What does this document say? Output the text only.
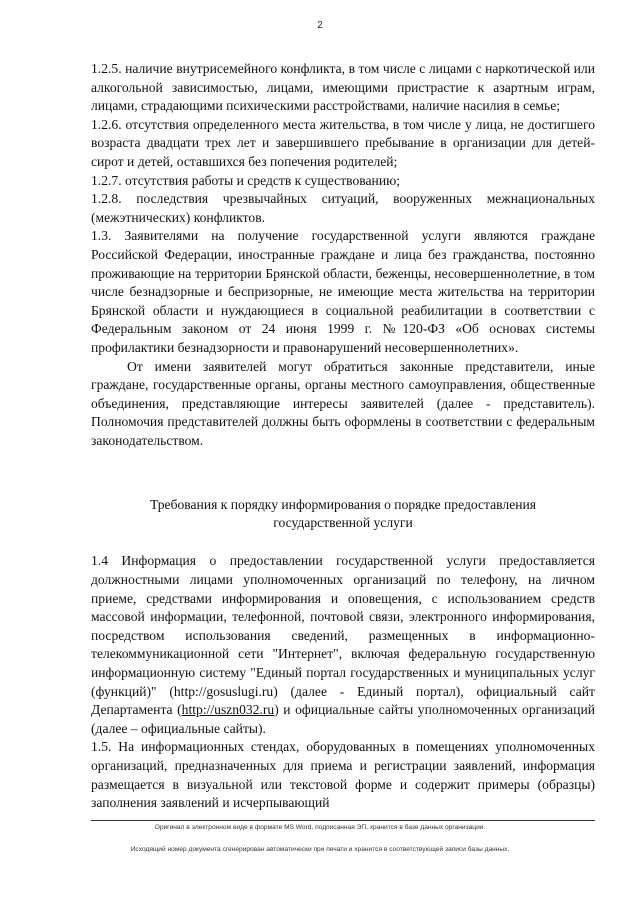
2

1.2.5. наличие внутрисемейного конфликта, в том числе с лицами с наркотической или алкогольной зависимостью, лицами, имеющими пристрастие к азартным играм, лицами, страдающими психическими расстройствами, наличие насилия в семье;

1.2.6. отсутствия определенного места жительства, в том числе у лица, не достигшего возраста двадцати трех лет и завершившего пребывание в организации для детей-сирот и детей, оставшихся без попечения родителей;

1.2.7. отсутствия работы и средств к существованию;

1.2.8. последствия чрезвычайных ситуаций, вооруженных межнациональных (межэтнических) конфликтов.

1.3. Заявителями на получение государственной услуги являются граждане Российской Федерации, иностранные граждане и лица без гражданства, постоянно проживающие на территории Брянской области, беженцы, несовершеннолетние, в том числе безнадзорные и беспризорные, не имеющие места жительства на территории Брянской области и нуждающиеся в социальной реабилитации в соответствии с Федеральным законом от 24 июня 1999 г. №120-ФЗ «Об основах системы профилактики безнадзорности и правонарушений несовершеннолетних».

От имени заявителей могут обратиться законные представители, иные граждане, государственные органы, органы местного самоуправления, общественные объединения, представляющие интересы заявителей (далее - представитель). Полномочия представителей должны быть оформлены в соответствии с федеральным законодательством.

Требования к порядку информирования о порядке предоставления
государственной услуги

1.4 Информация о предоставлении государственной услуги предоставляется должностными лицами уполномоченных организаций по телефону, на личном приеме, средствами информирования и оповещения, с использованием средств массовой информации, телефонной, почтовой связи, электронного информирования, посредством использования сведений, размещенных в информационно-телекоммуникационной сети "Интернет", включая федеральную государственную информационную систему "Единый портал государственных и муниципальных услуг (функций)" (http://gosuslugi.ru) (далее - Единый портал), официальный сайт Департамента (http://uszn032.ru) и официальные сайты уполномоченных организаций (далее – официальные сайты).

1.5. На информационных стендах, оборудованных в помещениях уполномоченных организаций, предназначенных для приема и регистрации заявлений, информация размещается в визуальной или текстовой форме и содержит примеры (образцы) заполнения заявлений и исчерпывающий

Оригинал в электронном виде в формате MS Word, подписанная ЭП, хранится в базе данных организации.
Исходящий номер документа сгенерирован автоматически при печати и хранится в соответствующей записи базы данных.
